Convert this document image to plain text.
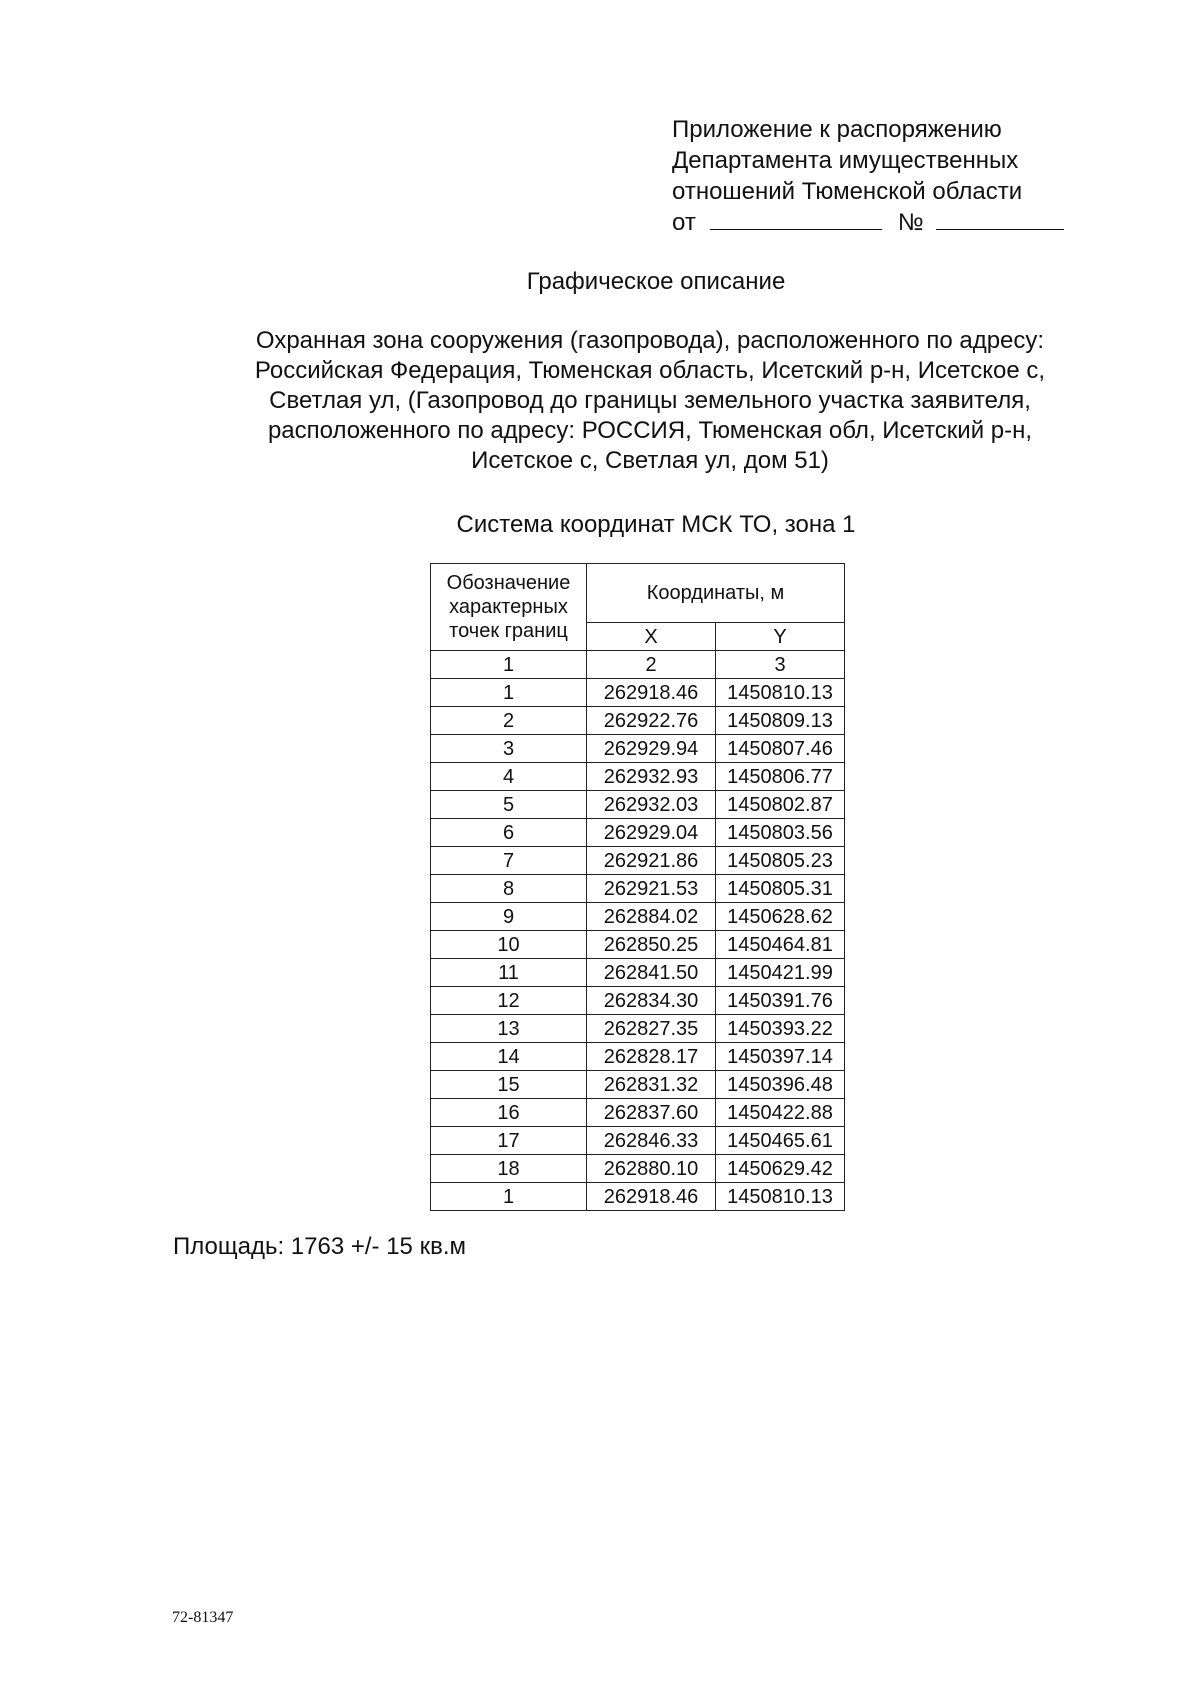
Приложение к распоряжению
Департамента имущественных
отношений Тюменской области
от	№
Графическое описание
Охранная зона сооружения (газопровода), расположенного по адресу:
Российская Федерация, Тюменская область, Исетский р-н, Исетское с,
Светлая ул, (Газопровод до границы земельного участка заявителя,
расположенного по адресу: РОССИЯ, Тюменская обл, Исетский р-н,
Исетское с, Светлая ул, дом 51)
Система координат МСК ТО, зона 1
Обозначение характерных точек границ	Координаты, м	
	X	Y
1	2	3
1	262918.46	1450810.13
2	262922.76	1450809.13
3	262929.94	1450807.46
4	262932.93	1450806.77
5	262932.03	1450802.87
6	262929.04	1450803.56
7	262921.86	1450805.23
8	262921.53	1450805.31
9	262884.02	1450628.62
10	262850.25	1450464.81
11	262841.50	1450421.99
12	262834.30	1450391.76
13	262827.35	1450393.22
14	262828.17	1450397.14
15	262831.32	1450396.48
16	262837.60	1450422.88
17	262846.33	1450465.61
18	262880.10	1450629.42
1	262918.46	1450810.13
Площадь: 1763 +/- 15 кв.м
72-81347
